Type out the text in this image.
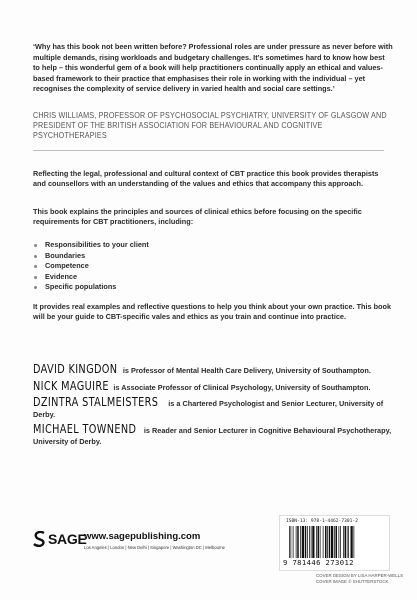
‘Why has this book not been written before? Professional roles are under pressure as never before with multiple demands, rising workloads and budgetary challenges. It’s sometimes hard to know how best to help – this wonderful gem of a book will help practitioners continually apply an ethical and values-based framework to their practice that emphasises their role in working with the individual – yet recognises the complexity of service delivery in varied health and social care settings.’
CHRIS WILLIAMS, PROFESSOR OF PSYCHOSOCIAL PSYCHIATRY, UNIVERSITY OF GLASGOW AND PRESIDENT OF THE BRITISH ASSOCIATION FOR BEHAVIOURAL AND COGNITIVE PSYCHOTHERAPIES
Reflecting the legal, professional and cultural context of CBT practice this book provides therapists and counsellors with an understanding of the values and ethics that accompany this approach.
This book explains the principles and sources of clinical ethics before focusing on the specific requirements for CBT practitioners, including:
Responsibilities to your client
Boundaries
Competence
Evidence
Specific populations
It provides real examples and reflective questions to help you think about your own practice. This book will be your guide to CBT-specific vales and ethics as you train and continue into practice.
DAVID KINGDON is Professor of Mental Health Care Delivery, University of Southampton.
NICK MAGUIRE is Associate Professor of Clinical Psychology, University of Southampton.
DZINTRA STALMEISTERS is a Chartered Psychologist and Senior Lecturer, University of Derby.
MICHAEL TOWNEND is Reader and Senior Lecturer in Cognitive Behavioural Psychotherapy, University of Derby.
SAGE
www.sagepublishing.com
Los Angeles | London | New Delhi | Singapore | Washington DC | Melbourne
ISBN-13: 978-1-4462-7301-2
9 781446 273012
COVER DESIGN BY LISA HARPER-WELLS
COVER IMAGE © SHUTTERSTOCK
